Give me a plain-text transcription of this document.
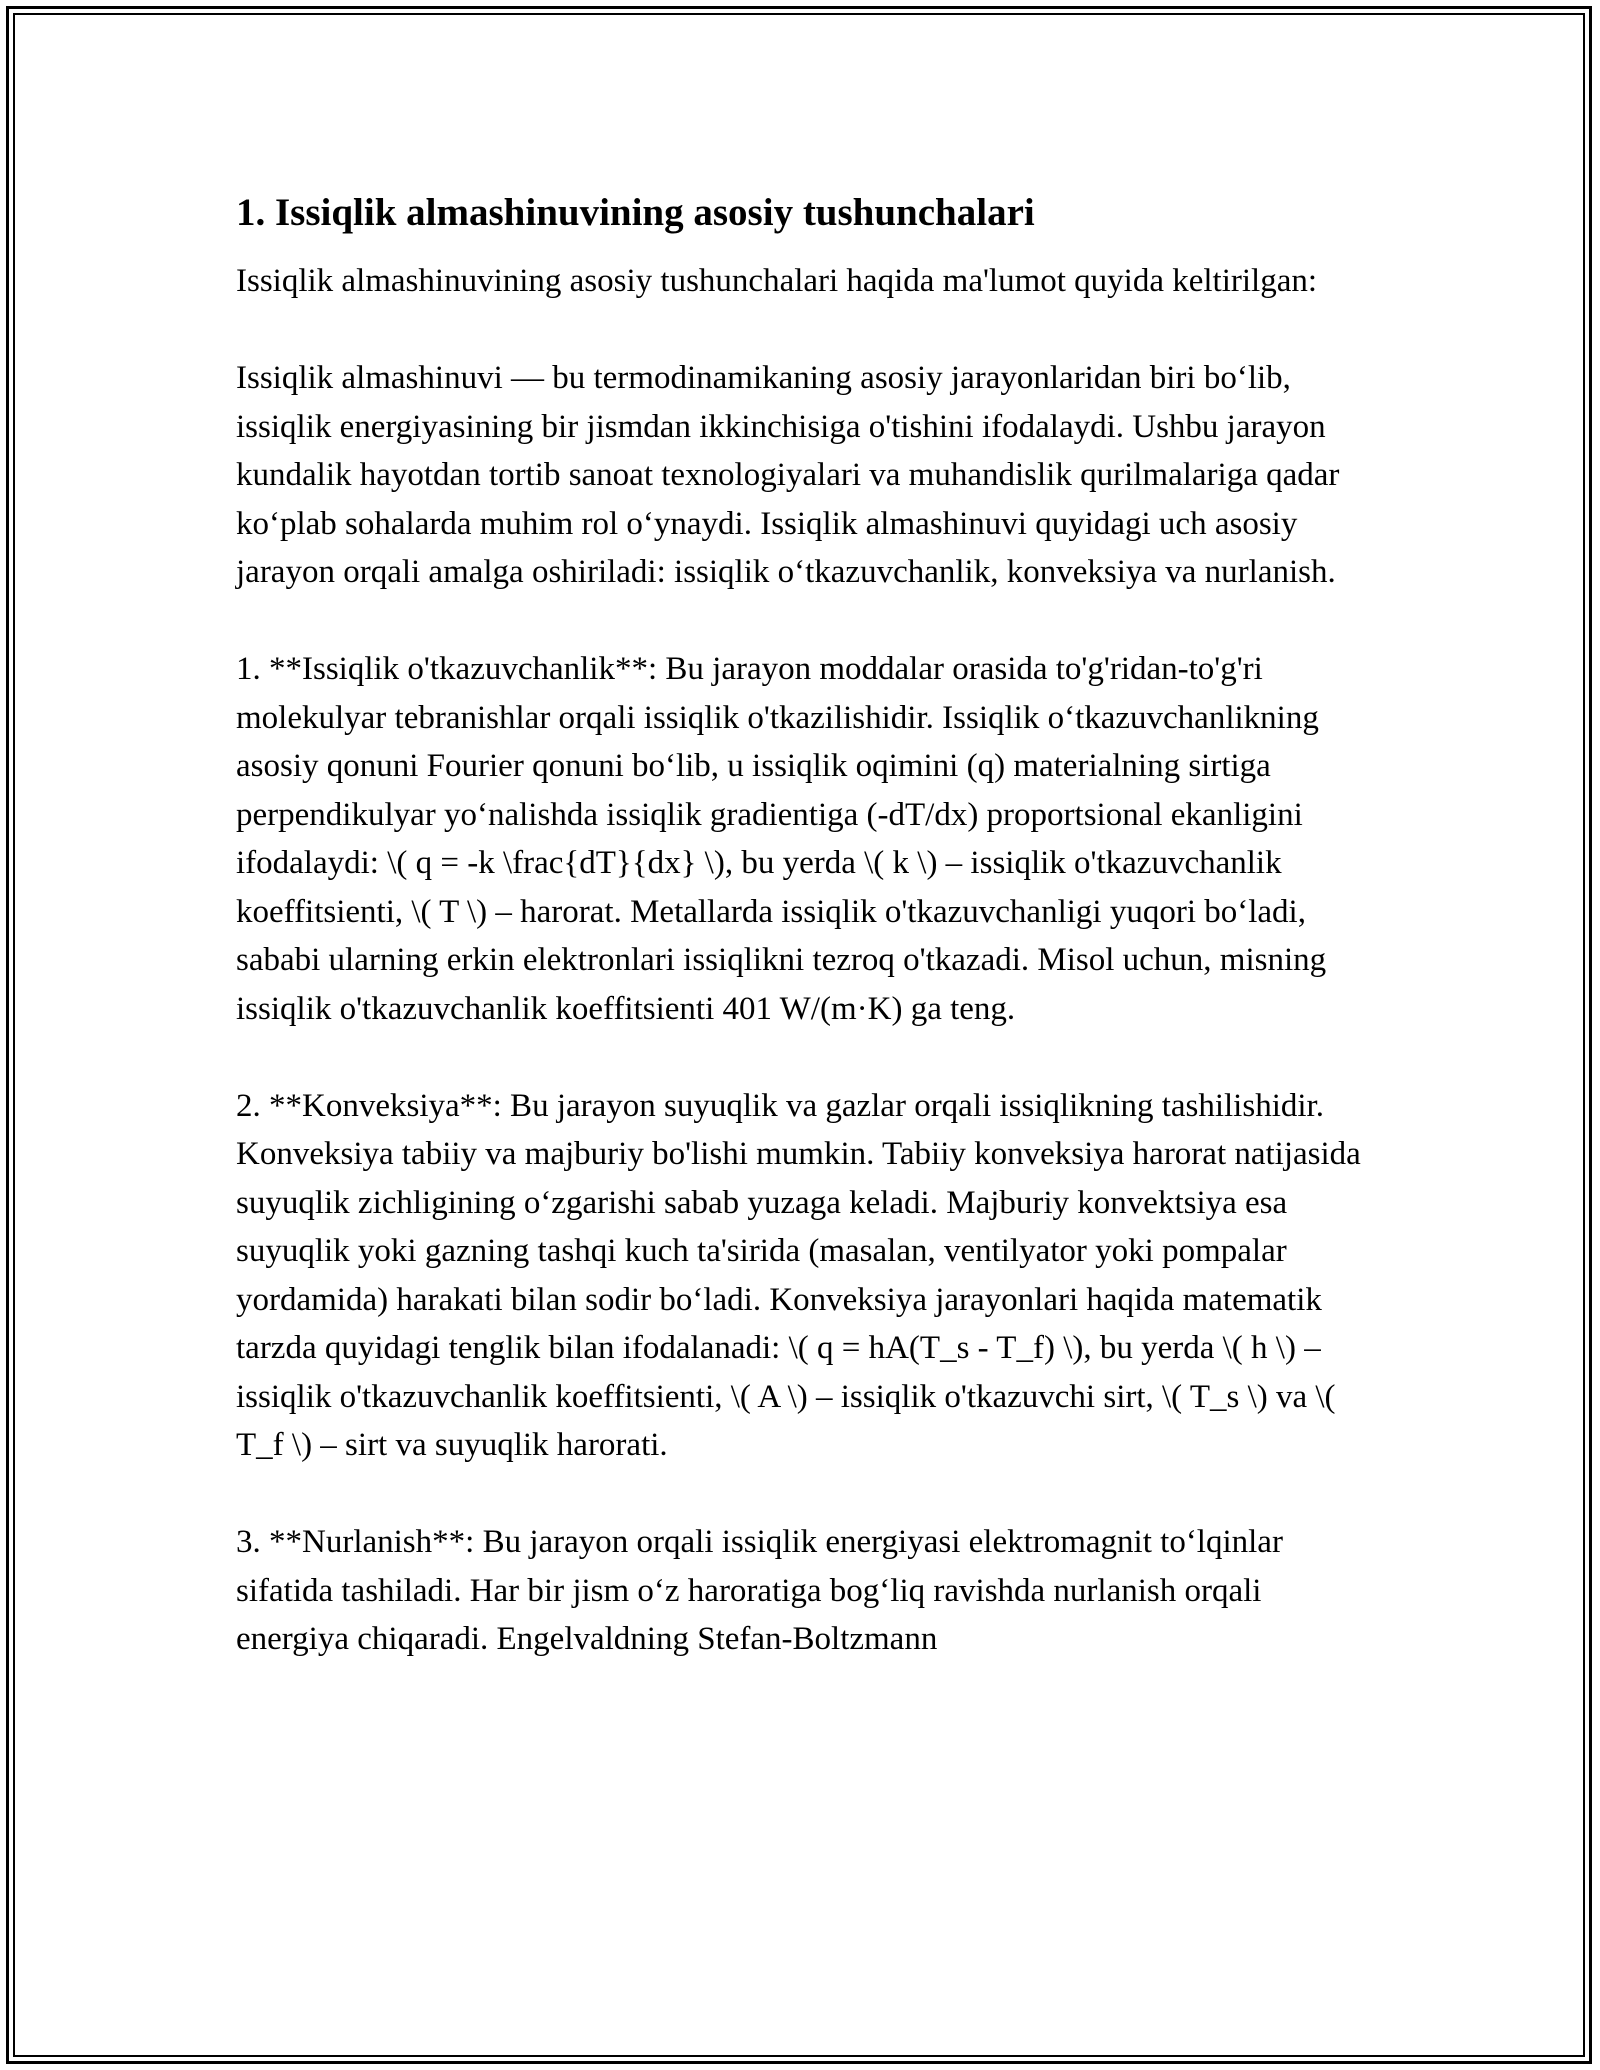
1. Issiqlik almashinuvining asosiy tushunchalari

Issiqlik almashinuvining asosiy tushunchalari haqida ma'lumot quyida keltirilgan:

Issiqlik almashinuvi — bu termodinamikaning asosiy jarayonlaridan biri bo‘lib, issiqlik energiyasining bir jismdan ikkinchisiga o'tishini ifodalaydi. Ushbu jarayon kundalik hayotdan tortib sanoat texnologiyalari va muhandislik qurilmalariga qadar ko‘plab sohalarda muhim rol o‘ynaydi. Issiqlik almashinuvi quyidagi uch asosiy jarayon orqali amalga oshiriladi: issiqlik o‘tkazuvchanlik, konveksiya va nurlanish.

1. **Issiqlik o'tkazuvchanlik**: Bu jarayon moddalar orasida to'g'ridan-to'g'ri molekulyar tebranishlar orqali issiqlik o'tkazilishidir. Issiqlik o‘tkazuvchanlikning asosiy qonuni Fourier qonuni bo‘lib, u issiqlik oqimini (q) materialning sirtiga perpendikulyar yo‘nalishda issiqlik gradientiga (-dT/dx) proportsional ekanligini ifodalaydi: \( q = -k \frac{dT}{dx} \), bu yerda \( k \) – issiqlik o'tkazuvchanlik koeffitsienti, \( T \) – harorat. Metallarda issiqlik o'tkazuvchanligi yuqori bo‘ladi, sababi ularning erkin elektronlari issiqlikni tezroq o'tkazadi. Misol uchun, misning issiqlik o'tkazuvchanlik koeffitsienti 401 W/(m·K) ga teng.

2. **Konveksiya**: Bu jarayon suyuqlik va gazlar orqali issiqlikning tashilishidir. Konveksiya tabiiy va majburiy bo'lishi mumkin. Tabiiy konveksiya harorat natijasida suyuqlik zichligining o‘zgarishi sabab yuzaga keladi. Majburiy konvektsiya esa suyuqlik yoki gazning tashqi kuch ta'sirida (masalan, ventilyator yoki pompalar yordamida) harakati bilan sodir bo‘ladi. Konveksiya jarayonlari haqida matematik tarzda quyidagi tenglik bilan ifodalanadi: \( q = hA(T_s - T_f) \), bu yerda \( h \) – issiqlik o'tkazuvchanlik koeffitsienti, \( A \) – issiqlik o'tkazuvchi sirt, \( T_s \) va \( T_f \) – sirt va suyuqlik harorati.

3. **Nurlanish**: Bu jarayon orqali issiqlik energiyasi elektromagnit to‘lqinlar sifatida tashiladi. Har bir jism o‘z haroratiga bog‘liq ravishda nurlanish orqali energiya chiqaradi. Engelvaldning Stefan-Boltzmann
